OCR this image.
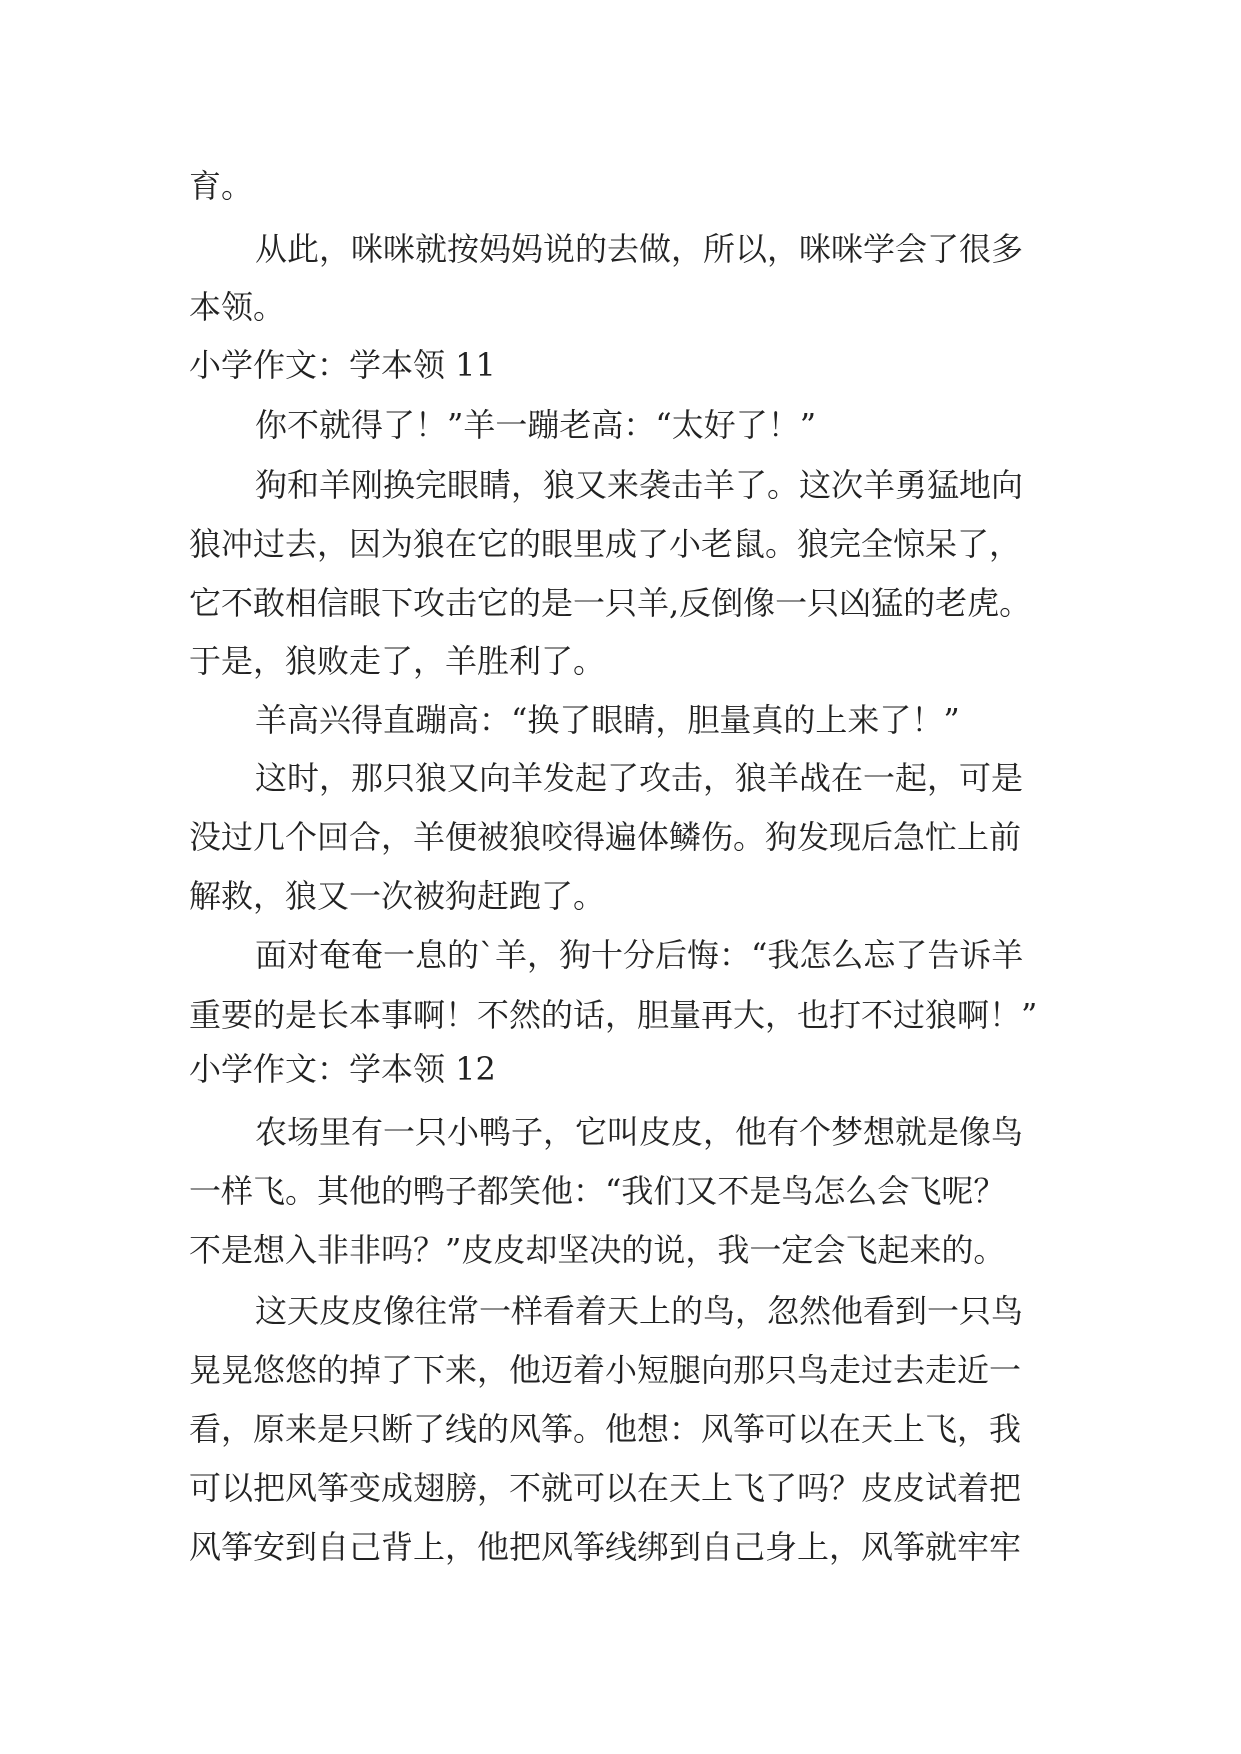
育。
从此，咪咪就按妈妈说的去做，所以，咪咪学会了很多
本领。
小学作文：学本领 11
你不就得了！”羊一蹦老高：“太好了！”
狗和羊刚换完眼睛，狼又来袭击羊了。这次羊勇猛地向
狼冲过去，因为狼在它的眼里成了小老鼠。狼完全惊呆了，
它不敢相信眼下攻击它的是一只羊,反倒像一只凶猛的老虎。
于是，狼败走了，羊胜利了。
羊高兴得直蹦高：“换了眼睛，胆量真的上来了！”
这时，那只狼又向羊发起了攻击，狼羊战在一起，可是
没过几个回合，羊便被狼咬得遍体鳞伤。狗发现后急忙上前
解救，狼又一次被狗赶跑了。
面对奄奄一息的`羊，狗十分后悔：“我怎么忘了告诉羊
重要的是长本事啊！不然的话，胆量再大，也打不过狼啊！”
小学作文：学本领 12
农场里有一只小鸭子，它叫皮皮，他有个梦想就是像鸟
一样飞。其他的鸭子都笑他：“我们又不是鸟怎么会飞呢？
不是想入非非吗？”皮皮却坚决的说，我一定会飞起来的。
这天皮皮像往常一样看着天上的鸟，忽然他看到一只鸟
晃晃悠悠的掉了下来，他迈着小短腿向那只鸟走过去走近一
看，原来是只断了线的风筝。他想：风筝可以在天上飞，我
可以把风筝变成翅膀，不就可以在天上飞了吗？皮皮试着把
风筝安到自己背上，他把风筝线绑到自己身上，风筝就牢牢
